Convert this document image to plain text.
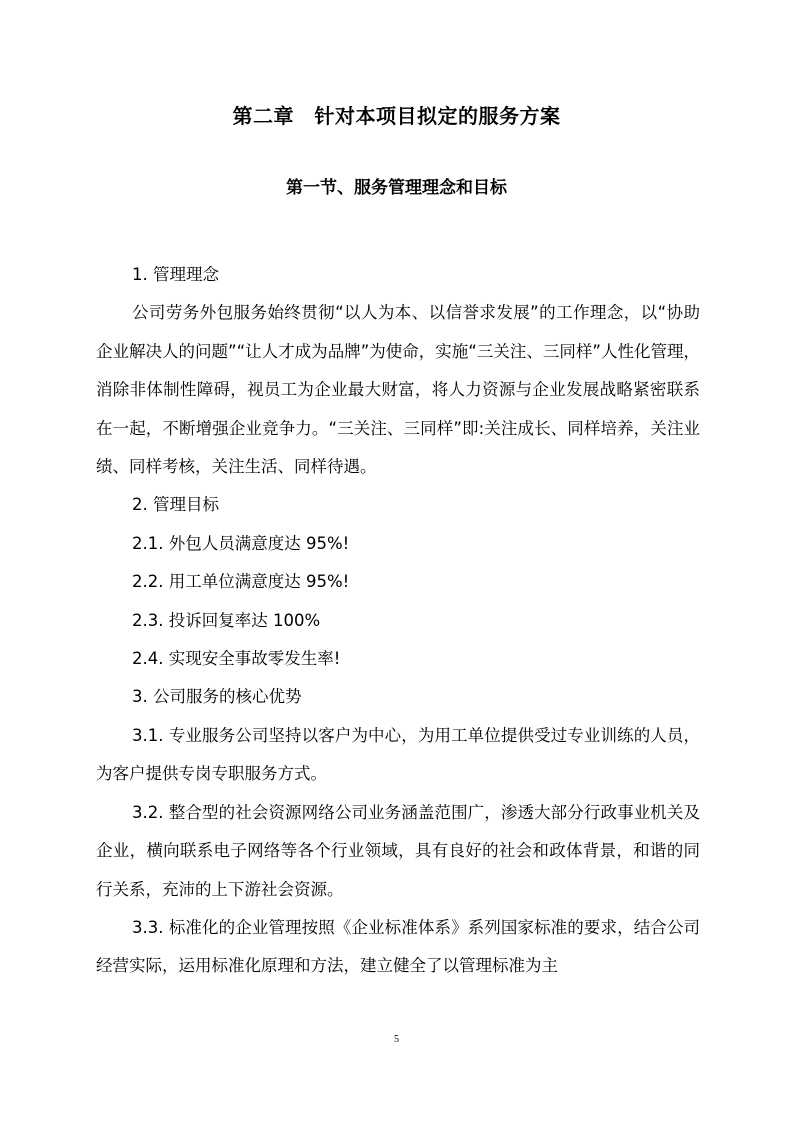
第二章　针对本项目拟定的服务方案
第一节、服务管理理念和目标

1. 管理理念

公司劳务外包服务始终贯彻“以人为本、以信誉求发展”的工作理念，以“协助企业解决人的问题”“让人才成为品牌”为使命，实施“三关注、三同样”人性化管理，消除非体制性障碍，视员工为企业最大财富，将人力资源与企业发展战略紧密联系在一起，不断增强企业竞争力。“三关注、三同样”即:关注成长、同样培养，关注业绩、同样考核，关注生活、同样待遇。

2. 管理目标

2.1. 外包人员满意度达 95%!

2.2. 用工单位满意度达 95%!

2.3. 投诉回复率达 100%

2.4. 实现安全事故零发生率!

3. 公司服务的核心优势

3.1. 专业服务公司坚持以客户为中心，为用工单位提供受过专业训练的人员，为客户提供专岗专职服务方式。

3.2. 整合型的社会资源网络公司业务涵盖范围广，渗透大部分行政事业机关及企业，横向联系电子网络等各个行业领域，具有良好的社会和政体背景，和谐的同行关系，充沛的上下游社会资源。

3.3. 标准化的企业管理按照《企业标准体系》系列国家标准的要求，结合公司经营实际，运用标准化原理和方法，建立健全了以管理标准为主

5
